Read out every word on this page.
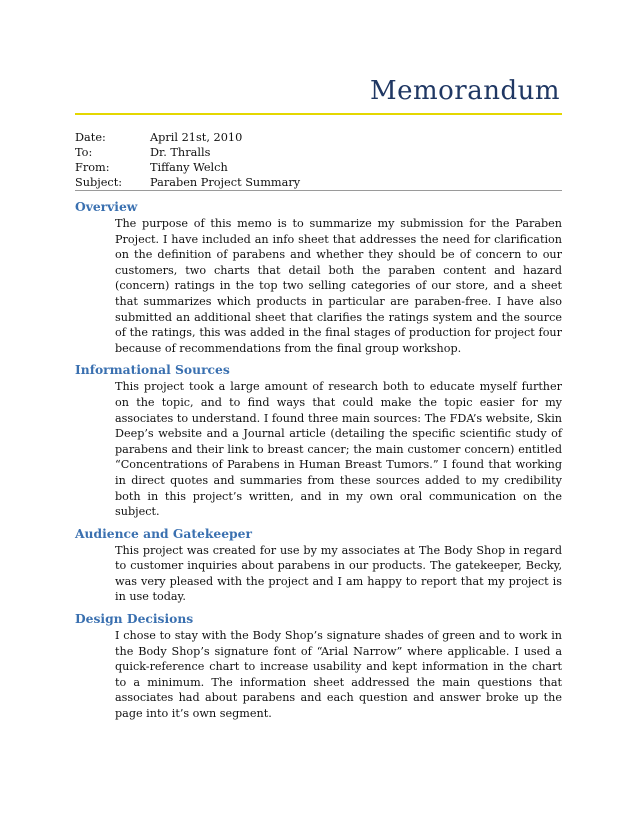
Memorandum
Date:	April 21st, 2010
To:	Dr. Thralls
From:	Tiffany Welch
Subject:	Paraben Project Summary
Overview

The purpose of this memo is to summarize my submission for the Paraben Project. I have included an info sheet that addresses the need for clarification on the definition of parabens and whether they should be of concern to our customers, two charts that detail both the paraben content and hazard (concern) ratings in the top two selling categories of our store, and a sheet that summarizes which products in particular are paraben-free. I have also submitted an additional sheet that clarifies the ratings system and the source of the ratings, this was added in the final stages of production for project four because of recommendations from the final group workshop.

Informational Sources

This project took a large amount of research both to educate myself further on the topic, and to find ways that could make the topic easier for my associates to understand. I found three main sources: The FDA’s website, Skin Deep’s website and a Journal article (detailing the specific scientific study of parabens and their link to breast cancer; the main customer concern) entitled “Concentrations of Parabens in Human Breast Tumors.” I found that working in direct quotes and summaries from these sources added to my credibility both in this project’s written, and in my own oral communication on the subject.

Audience and Gatekeeper

This project was created for use by my associates at The Body Shop in regard to customer inquiries about parabens in our products. The gatekeeper, Becky, was very pleased with the project and I am happy to report that my project is in use today.

Design Decisions

I chose to stay with the Body Shop’s signature shades of green and to work in the Body Shop’s signature font of “Arial Narrow” where applicable. I used a quick-reference chart to increase usability and kept information in the chart to a minimum. The information sheet addressed the main questions that associates had about parabens and each question and answer broke up the page into it’s own segment.
